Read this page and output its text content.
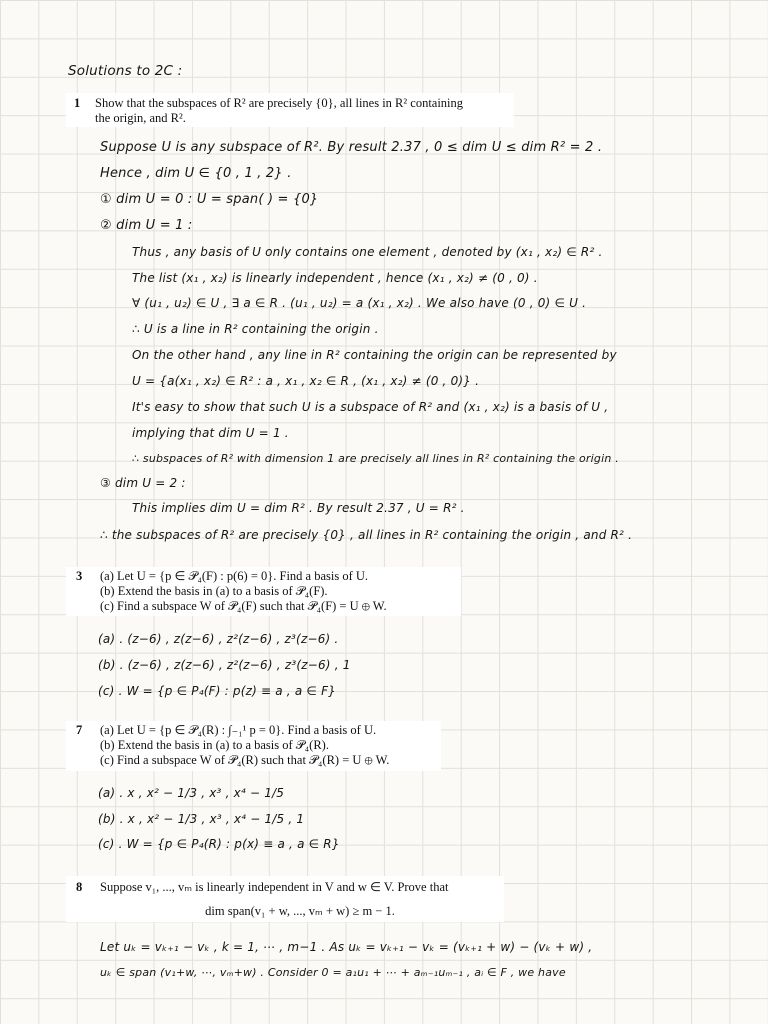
Solutions to 2C :
1 Show that the subspaces of R² are precisely {0}, all lines in R² containing
the origin, and R².
Suppose U is any subspace of R². By result 2.37 , 0 ≤ dim U ≤ dim R² = 2 .
Hence , dim U ∈ {0 , 1 , 2} .
① dim U = 0 : U = span( ) = {0}
② dim U = 1 :
Thus , any basis of U only contains one element , denoted by (x₁ , x₂) ∈ R² .
The list (x₁ , x₂) is linearly independent , hence (x₁ , x₂) ≠ (0 , 0) .
∀ (u₁ , u₂) ∈ U , ∃ a ∈ R . (u₁ , u₂) = a (x₁ , x₂) . We also have (0 , 0) ∈ U .
∴ U is a line in R² containing the origin .
On the other hand , any line in R² containing the origin can be represented by
U = {a(x₁ , x₂) ∈ R² : a , x₁ , x₂ ∈ R , (x₁ , x₂) ≠ (0 , 0)} .
It's easy to show that such U is a subspace of R² and (x₁ , x₂) is a basis of U ,
implying that dim U = 1 .
∴ subspaces of R² with dimension 1 are precisely all lines in R² containing the origin .
③ dim U = 2 :
This implies dim U = dim R² . By result 2.37 , U = R² .
∴ the subspaces of R² are precisely {0} , all lines in R² containing the origin , and R² .
3 (a) Let U = {p ∈ 𝒫₄(F) : p(6) = 0}. Find a basis of U.
(b) Extend the basis in (a) to a basis of 𝒫₄(F).
(c) Find a subspace W of 𝒫₄(F) such that 𝒫₄(F) = U ⊕ W.
(a) . (z−6) , z(z−6) , z²(z−6) , z³(z−6) .
(b) . (z−6) , z(z−6) , z²(z−6) , z³(z−6) , 1
(c) . W = {p ∈ P₄(F) : p(z) ≡ a , a ∈ F}
7 (a) Let U = {p ∈ 𝒫₄(R) : ∫₋₁¹ p = 0}. Find a basis of U.
(b) Extend the basis in (a) to a basis of 𝒫₄(R).
(c) Find a subspace W of 𝒫₄(R) such that 𝒫₄(R) = U ⊕ W.
(a) . x , x² − 1/3 , x³ , x⁴ − 1/5
(b) . x , x² − 1/3 , x³ , x⁴ − 1/5 , 1
(c) . W = {p ∈ P₄(R) : p(x) ≡ a , a ∈ R}
8 Suppose v₁, ..., vₘ is linearly independent in V and w ∈ V. Prove that
dim span(v₁ + w, ..., vₘ + w) ≥ m − 1.
Let uₖ = vₖ₊₁ − vₖ , k = 1, ⋯ , m−1 . As uₖ = vₖ₊₁ − vₖ = (vₖ₊₁ + w) − (vₖ + w) ,
uₖ ∈ span (v₁+w, ⋯, vₘ+w) . Consider 0 = a₁u₁ + ⋯ + aₘ₋₁uₘ₋₁ , aᵢ ∈ F , we have
